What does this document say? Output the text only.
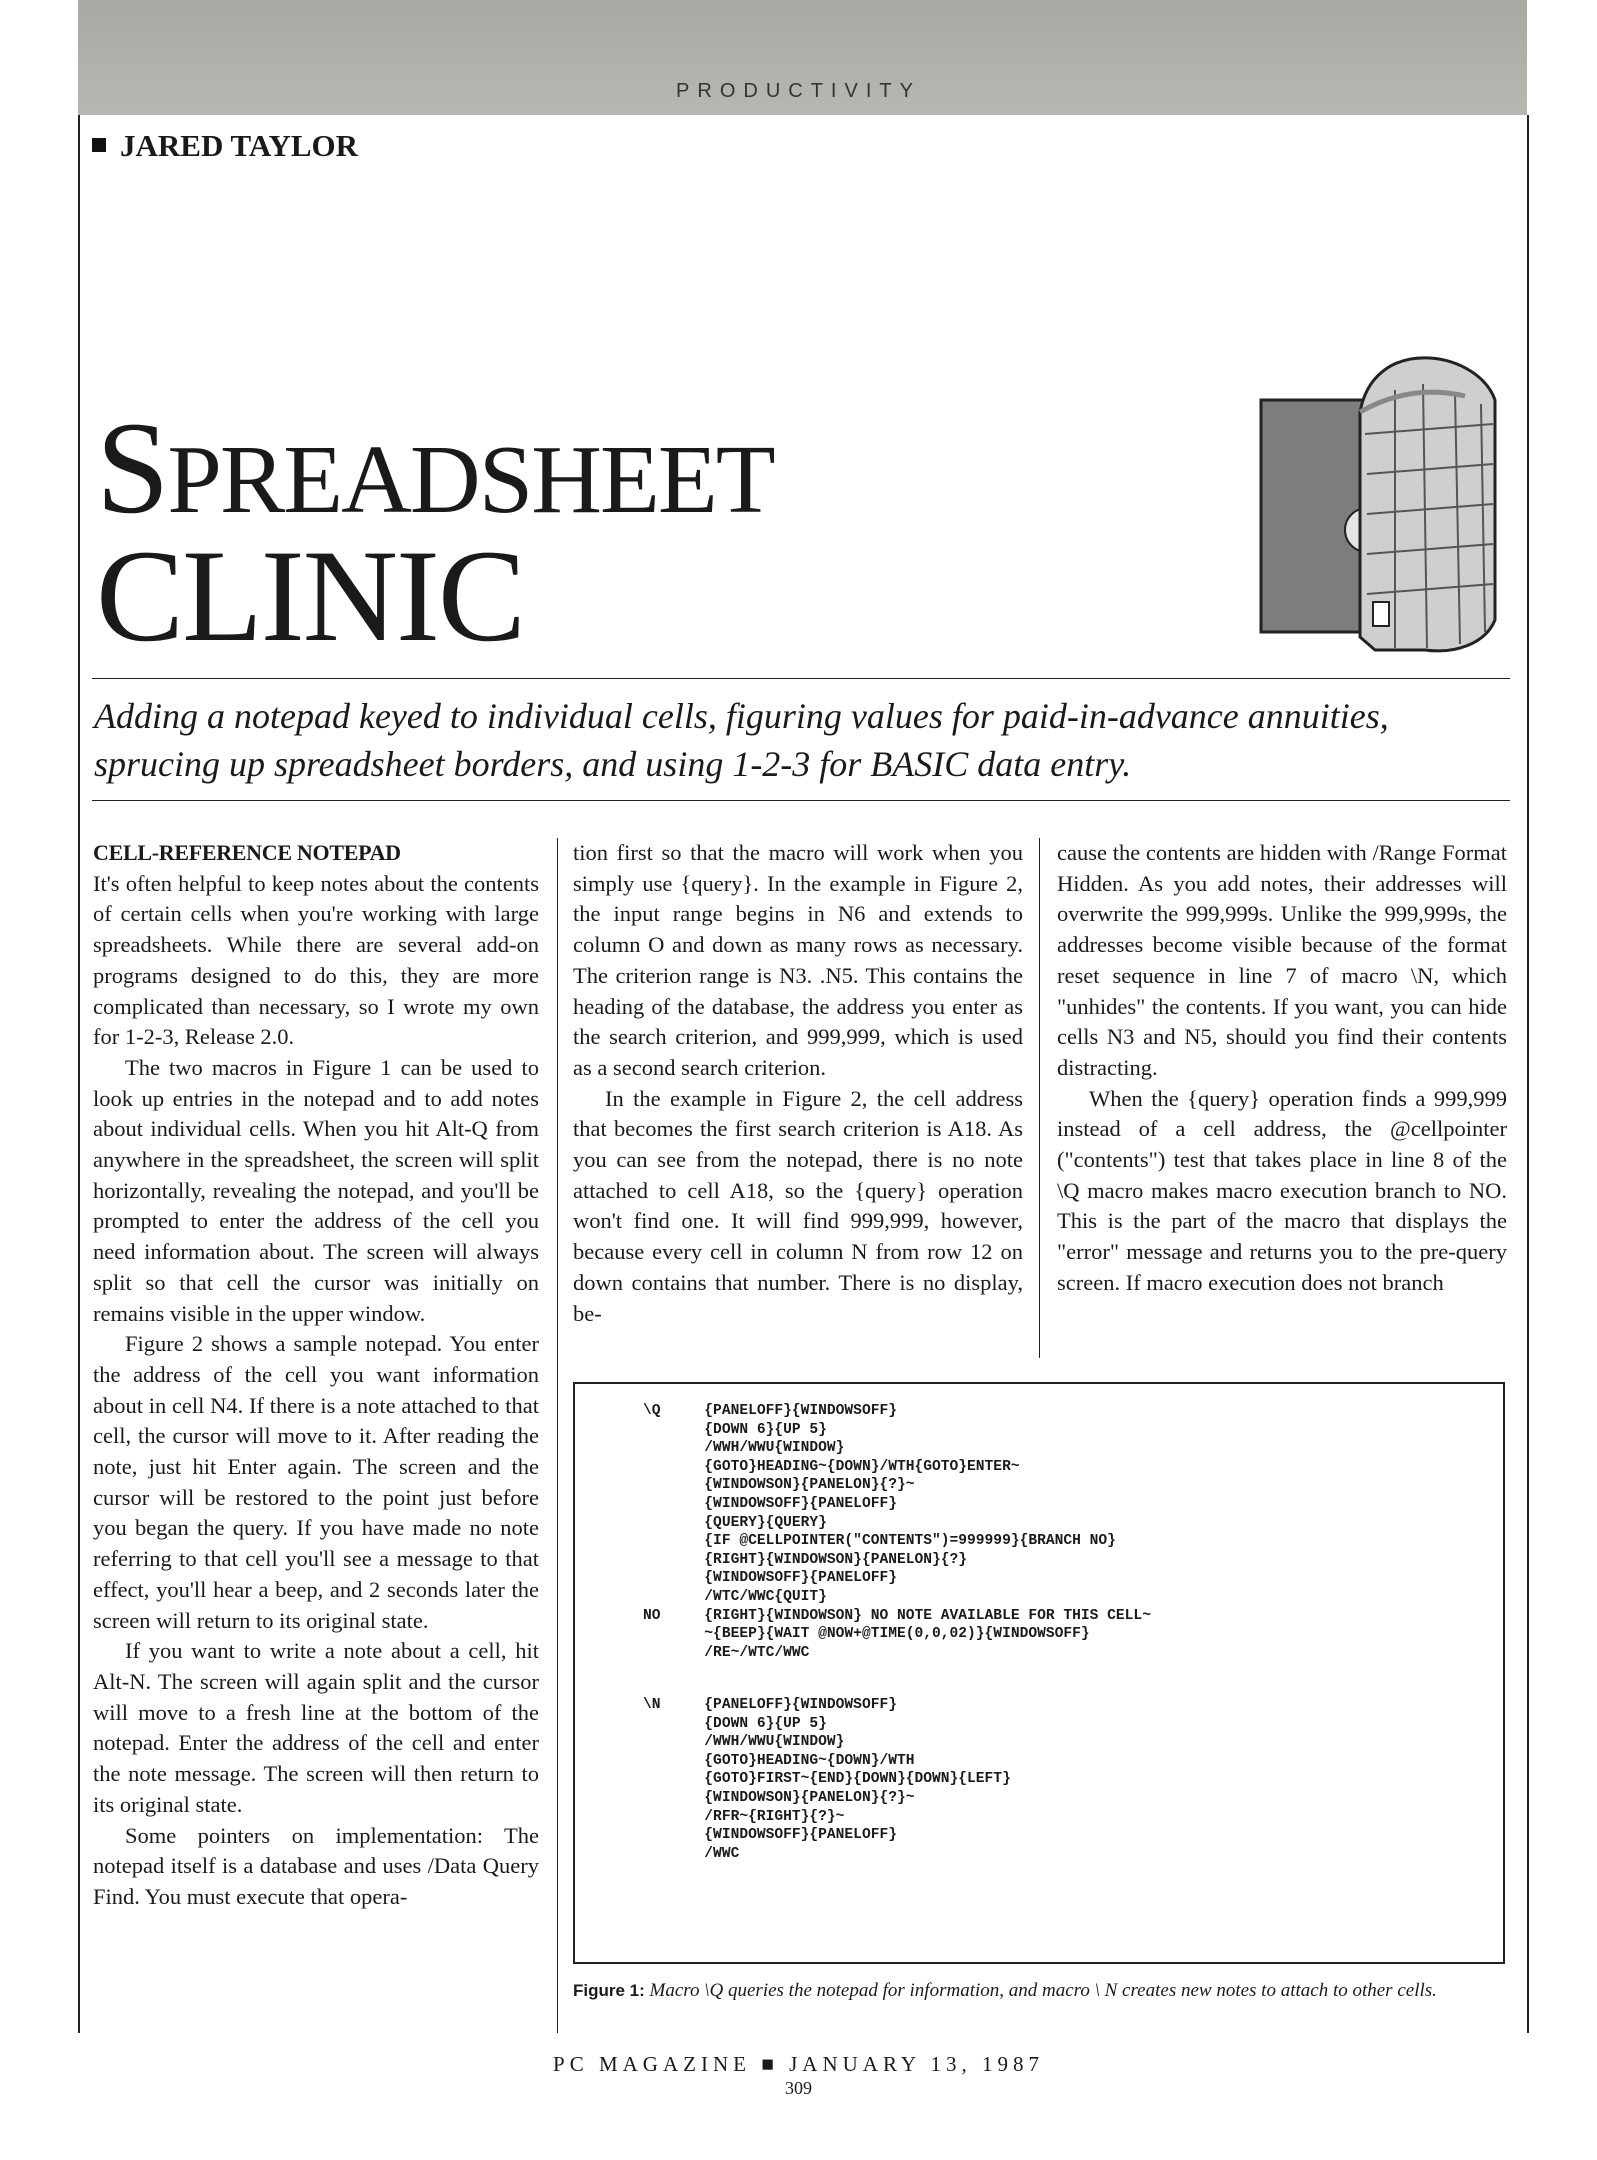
PRODUCTIVITY
JARED TAYLOR
SPREADSHEET
CLINIC
Adding a notepad keyed to individual cells, figuring values for paid-in-advance annuities, sprucing up spreadsheet borders, and using 1-2-3 for BASIC data entry.
CELL-REFERENCE NOTEPAD

It's often helpful to keep notes about the contents of certain cells when you're working with large spreadsheets. While there are several add-on programs designed to do this, they are more complicated than necessary, so I wrote my own for 1-2-3, Release 2.0.

The two macros in Figure 1 can be used to look up entries in the notepad and to add notes about individual cells. When you hit Alt-Q from anywhere in the spreadsheet, the screen will split horizontally, revealing the notepad, and you'll be prompted to enter the address of the cell you need information about. The screen will always split so that cell the cursor was initially on remains visible in the upper window.

Figure 2 shows a sample notepad. You enter the address of the cell you want information about in cell N4. If there is a note attached to that cell, the cursor will move to it. After reading the note, just hit Enter again. The screen and the cursor will be restored to the point just before you began the query. If you have made no note referring to that cell you'll see a message to that effect, you'll hear a beep, and 2 seconds later the screen will return to its original state.

If you want to write a note about a cell, hit Alt-N. The screen will again split and the cursor will move to a fresh line at the bottom of the notepad. Enter the address of the cell and enter the note message. The screen will then return to its original state.

Some pointers on implementation: The notepad itself is a database and uses /Data Query Find. You must execute that opera-

tion first so that the macro will work when you simply use {query}. In the example in Figure 2, the input range begins in N6 and extends to column O and down as many rows as necessary. The criterion range is N3. .N5. This contains the heading of the database, the address you enter as the search criterion, and 999,999, which is used as a second search criterion.

In the example in Figure 2, the cell address that becomes the first search criterion is A18. As you can see from the notepad, there is no note attached to cell A18, so the {query} operation won't find one. It will find 999,999, however, because every cell in column N from row 12 on down contains that number. There is no display, be-

cause the contents are hidden with /Range Format Hidden. As you add notes, their addresses will overwrite the 999,999s. Unlike the 999,999s, the addresses become visible because of the format reset sequence in line 7 of macro \N, which "unhides" the contents. If you want, you can hide cells N3 and N5, should you find their contents distracting.

When the {query} operation finds a 999,999 instead of a cell address, the @cellpointer ("contents") test that takes place in line 8 of the \Q macro makes macro execution branch to NO. This is the part of the macro that displays the "error" message and returns you to the pre-query screen. If macro execution does not branch

\Q     {PANELOFF}{WINDOWSOFF}
{DOWN 6}{UP 5}
/WWH/WWU{WINDOW}
{GOTO}HEADING~{DOWN}/WTH{GOTO}ENTER~
{WINDOWSON}{PANELON}{?}~
{WINDOWSOFF}{PANELOFF}
{QUERY}{QUERY}
{IF @CELLPOINTER("CONTENTS")=999999}{BRANCH NO}
{RIGHT}{WINDOWSON}{PANELON}{?}
{WINDOWSOFF}{PANELOFF}
/WTC/WWC{QUIT}
NO     {RIGHT}{WINDOWSON} NO NOTE AVAILABLE FOR THIS CELL~
~{BEEP}{WAIT @NOW+@TIME(0,0,02)}{WINDOWSOFF}
/RE~/WTC/WWC
\N     {PANELOFF}{WINDOWSOFF}
{DOWN 6}{UP 5}
/WWH/WWU{WINDOW}
{GOTO}HEADING~{DOWN}/WTH
{GOTO}FIRST~{END}{DOWN}{DOWN}{LEFT}
{WINDOWSON}{PANELON}{?}~
/RFR~{RIGHT}{?}~
{WINDOWSOFF}{PANELOFF}
/WWC
Figure 1: Macro \Q queries the notepad for information, and macro \ N creates new notes to attach to other cells.
PC MAGAZINE ■ JANUARY 13, 1987
309
